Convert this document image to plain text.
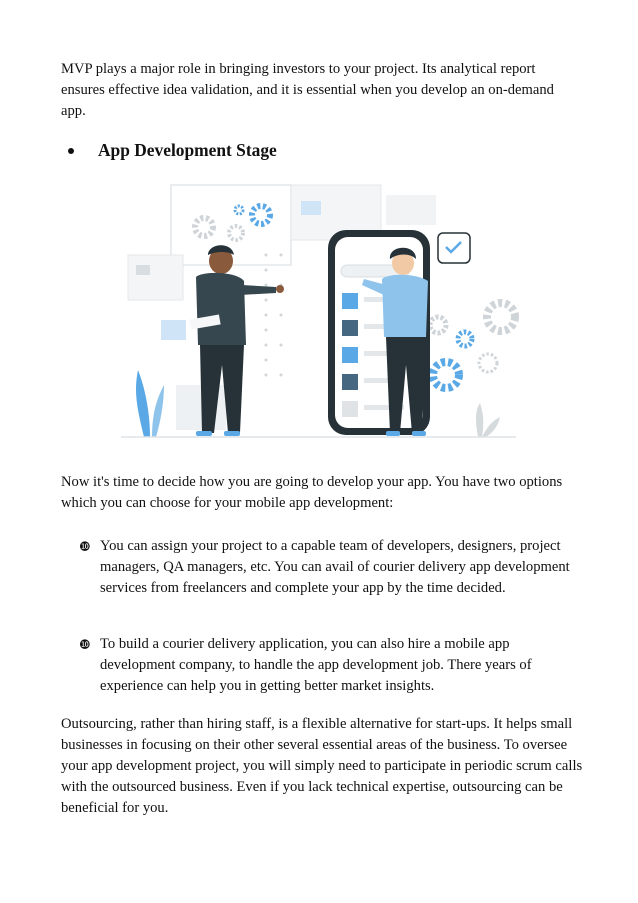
MVP plays a major role in bringing investors to your project. Its analytical report ensures effective idea validation, and it is essential when you develop an on-demand app.

App Development Stage

Now it's time to decide how you are going to develop your app. You have two options which you can choose for your mobile app development:

❿ You can assign your project to a capable team of developers, designers, project managers, QA managers, etc. You can avail of courier delivery app development services from freelancers and complete your app by the time decided.
❿ To build a courier delivery application, you can also hire a mobile app development company, to handle the app development job. There years of experience can help you in getting better market insights.

Outsourcing, rather than hiring staff, is a flexible alternative for start-ups. It helps small businesses in focusing on their other several essential areas of the business. To oversee your app development project, you will simply need to participate in periodic scrum calls with the outsourced business. Even if you lack technical expertise, outsourcing can be beneficial for you.
